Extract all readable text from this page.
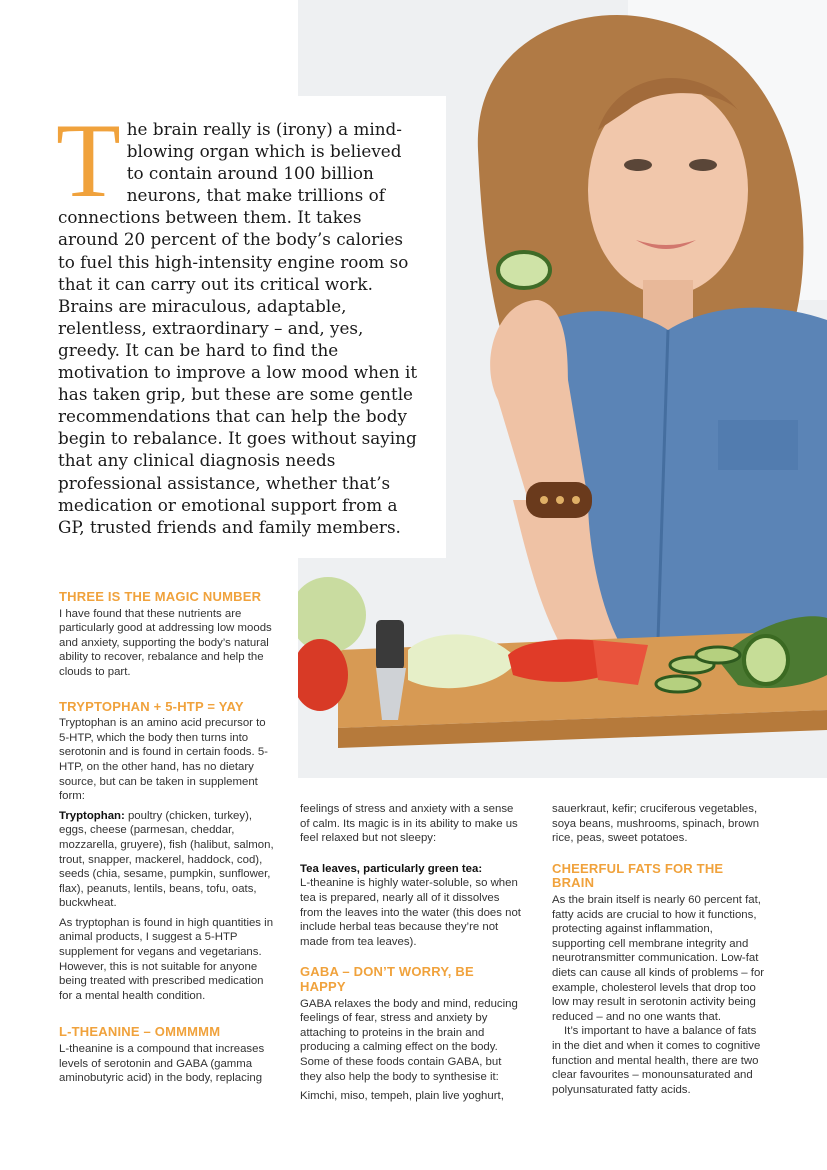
The brain really is (irony) a mind-blowing organ which is believed to contain around 100 billion neurons, that make trillions of connections between them. It takes around 20 percent of the body’s calories to fuel this high-intensity engine room so that it can carry out its critical work. Brains are miraculous, adaptable, relentless, extraordinary – and, yes, greedy. It can be hard to find the motivation to improve a low mood when it has taken grip, but these are some gentle recommendations that can help the body begin to rebalance. It goes without saying that any clinical diagnosis needs professional assistance, whether that’s medication or emotional support from a GP, trusted friends and family members.
THREE IS THE MAGIC NUMBER

I have found that these nutrients are particularly good at addressing low moods and anxiety, supporting the body’s natural ability to recover, rebalance and help the clouds to part.

TRYPTOPHAN + 5-HTP = YAY

Tryptophan is an amino acid precursor to 5-HTP, which the body then turns into serotonin and is found in certain foods. 5-HTP, on the other hand, has no dietary source, but can be taken in supplement form:

Tryptophan: poultry (chicken, turkey), eggs, cheese (parmesan, cheddar, mozzarella, gruyere), fish (halibut, salmon, trout, snapper, mackerel, haddock, cod), seeds (chia, sesame, pumpkin, sunflower, flax), peanuts, lentils, beans, tofu, oats, buckwheat.

As tryptophan is found in high quantities in animal products, I suggest a 5-HTP supplement for vegans and vegetarians. However, this is not suitable for anyone being treated with prescribed medication for a mental health condition.

L-THEANINE – OMMMMM

L-theanine is a compound that increases levels of serotonin and GABA (gamma aminobutyric acid) in the body, replacing

feelings of stress and anxiety with a sense of calm. Its magic is in its ability to make us feel relaxed but not sleepy:

Tea leaves, particularly green tea:

L-theanine is highly water-soluble, so when tea is prepared, nearly all of it dissolves from the leaves into the water (this does not include herbal teas because they’re not made from tea leaves).

GABA – DON’T WORRY, BE HAPPY

GABA relaxes the body and mind, reducing feelings of fear, stress and anxiety by attaching to proteins in the brain and producing a calming effect on the body. Some of these foods contain GABA, but they also help the body to synthesise it:

Kimchi, miso, tempeh, plain live yoghurt,

sauerkraut, kefir; cruciferous vegetables, soya beans, mushrooms, spinach, brown rice, peas, sweet potatoes.

CHEERFUL FATS FOR THE BRAIN

As the brain itself is nearly 60 percent fat, fatty acids are crucial to how it functions, protecting against inflammation, supporting cell membrane integrity and neurotransmitter communication. Low-fat diets can cause all kinds of problems – for example, cholesterol levels that drop too low may result in serotonin activity being reduced – and no one wants that.

It’s important to have a balance of fats in the diet and when it comes to cognitive function and mental health, there are two clear favourites – monounsaturated and polyunsaturated fatty acids.
